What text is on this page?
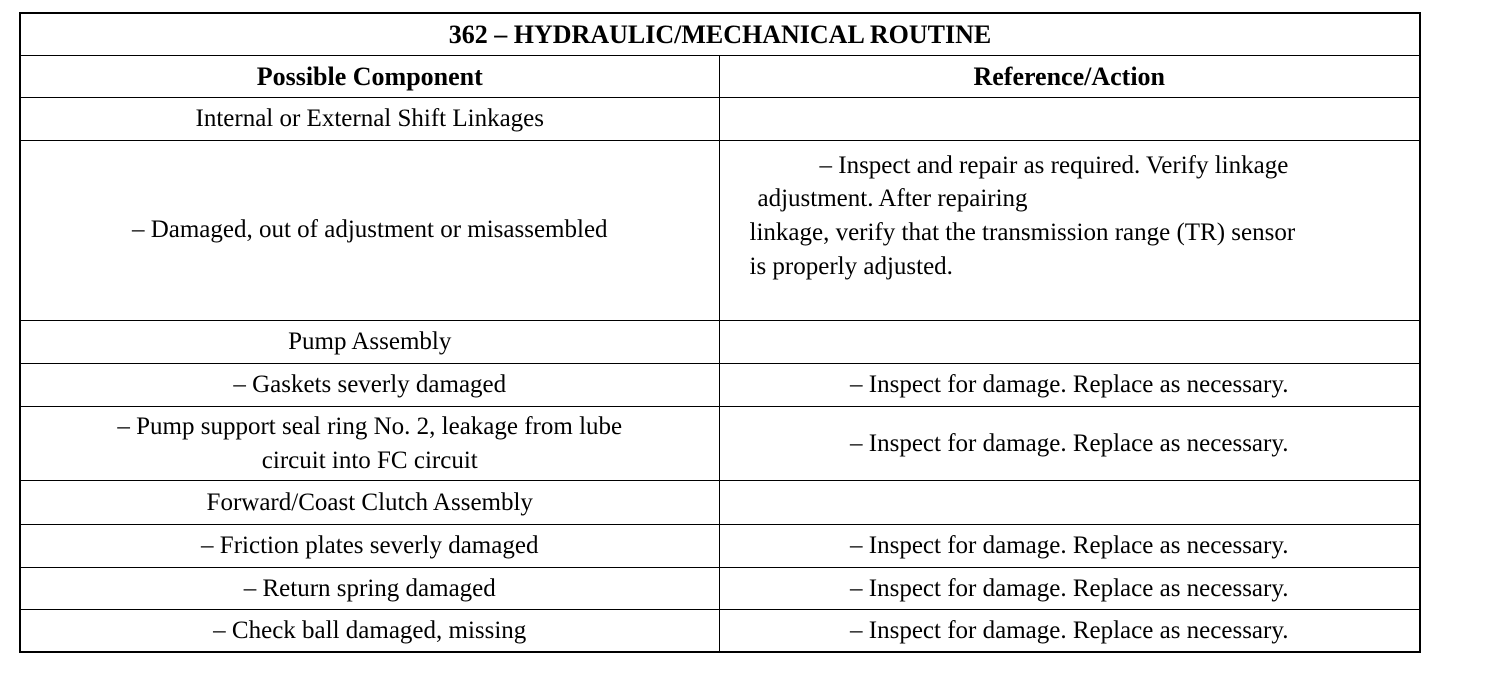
362 – HYDRAULIC/MECHANICAL ROUTINE	
Possible Component	Reference/Action
Internal or External Shift Linkages	
– Damaged, out of adjustment or misassembled	– Inspect and repair as required. Verify linkage
adjustment. After repairing
linkage, verify that the transmission range (TR) sensor
is properly adjusted.

Pump Assembly	
– Gaskets severly damaged	– Inspect for damage. Replace as necessary.

– Pump support seal ring No. 2, leakage from lube
circuit into FC circuit	– Inspect for damage. Replace as necessary.
Forward/Coast Clutch Assembly	
– Friction plates severly damaged	– Inspect for damage. Replace as necessary.
– Return spring damaged	– Inspect for damage. Replace as necessary.
– Check ball damaged, missing	– Inspect for damage. Replace as necessary.
